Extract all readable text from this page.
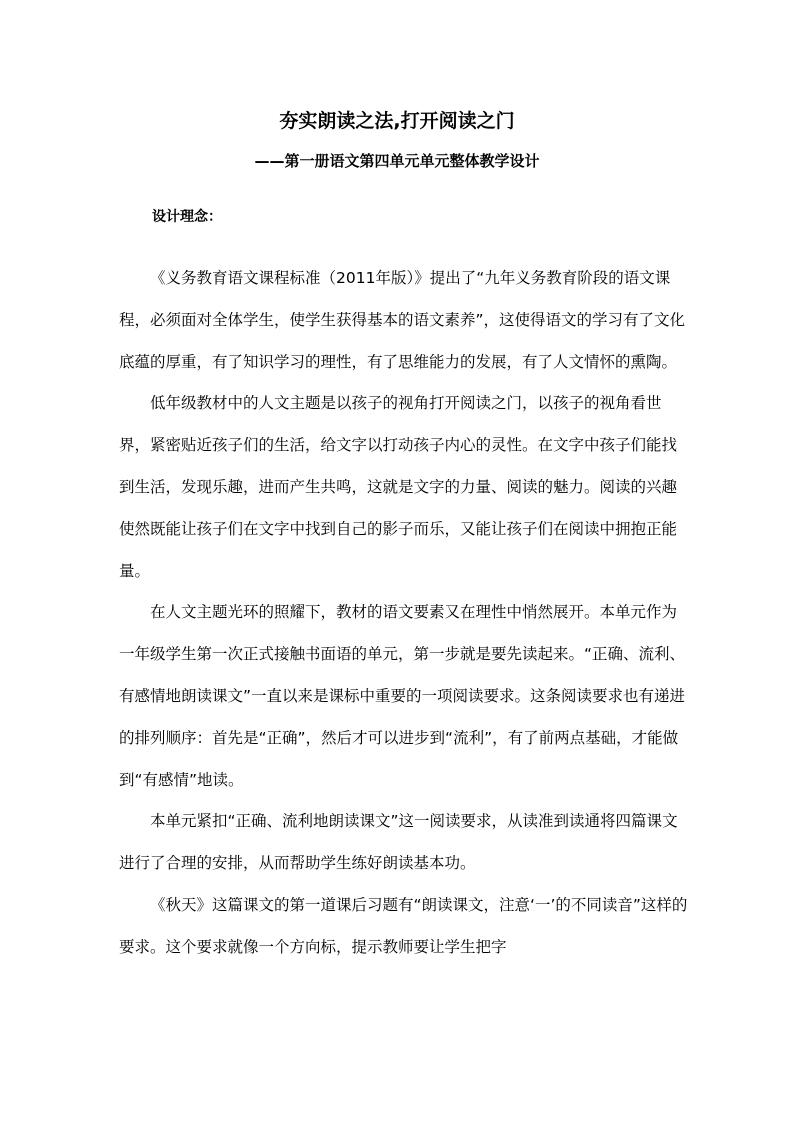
夯实朗读之法,打开阅读之门
——第一册语文第四单元单元整体教学设计
设计理念：

《义务教育语文课程标准（2011年版）》提出了“九年义务教育阶段的语文课程，必须面对全体学生，使学生获得基本的语文素养”，这使得语文的学习有了文化底蕴的厚重，有了知识学习的理性，有了思维能力的发展，有了人文情怀的熏陶。

低年级教材中的人文主题是以孩子的视角打开阅读之门，以孩子的视角看世界，紧密贴近孩子们的生活，给文字以打动孩子内心的灵性。在文字中孩子们能找到生活，发现乐趣，进而产生共鸣，这就是文字的力量、阅读的魅力。阅读的兴趣使然既能让孩子们在文字中找到自己的影子而乐，又能让孩子们在阅读中拥抱正能量。

在人文主题光环的照耀下，教材的语文要素又在理性中悄然展开。本单元作为一年级学生第一次正式接触书面语的单元，第一步就是要先读起来。“正确、流利、有感情地朗读课文”一直以来是课标中重要的一项阅读要求。这条阅读要求也有递进的排列顺序：首先是“正确”，然后才可以进步到“流利”，有了前两点基础，才能做到“有感情”地读。

本单元紧扣“正确、流利地朗读课文”这一阅读要求，从读准到读通将四篇课文进行了合理的安排，从而帮助学生练好朗读基本功。

《秋天》这篇课文的第一道课后习题有“朗读课文，注意‘一’的不同读音”这样的要求。这个要求就像一个方向标，提示教师要让学生把字
